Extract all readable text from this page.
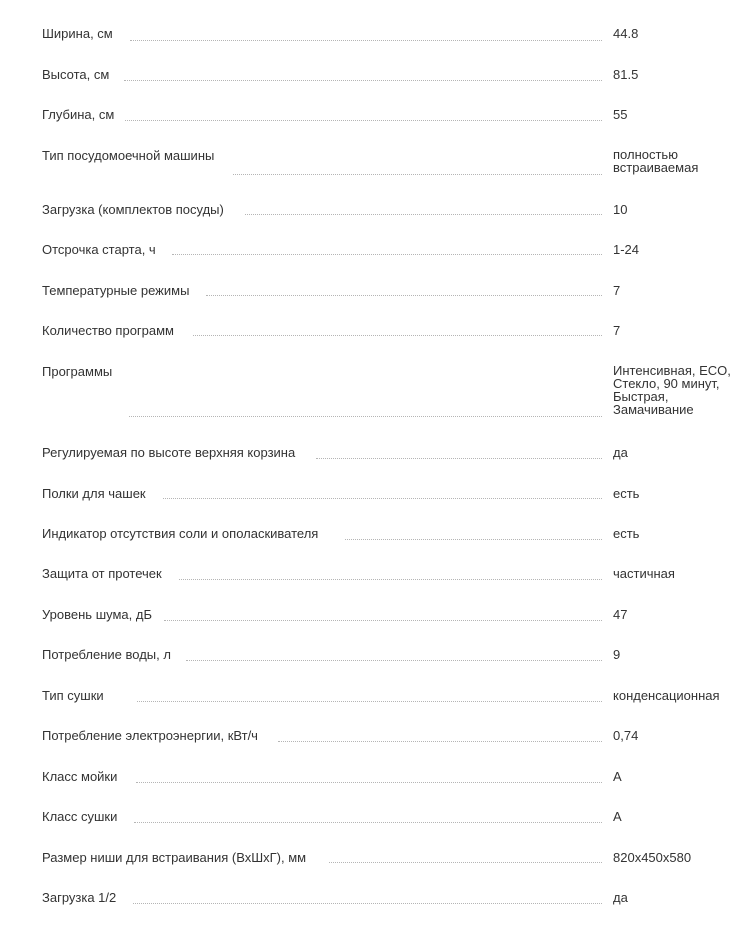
Ширина, см	44.8
Высота, см	81.5
Глубина, см	55
Тип посудомоечной машины	полностью встраиваемая
Загрузка (комплектов посуды)	10
Отсрочка старта, ч	1-24
Температурные режимы	7
Количество программ	7
Программы	Интенсивная, ECO, Стекло, 90 минут, Быстрая, Замачивание
Регулируемая по высоте верхняя корзина	да
Полки для чашек	есть
Индикатор отсутствия соли и ополаскивателя	есть
Защита от протечек	частичная
Уровень шума, дБ	47
Потребление воды, л	9
Тип сушки	конденсационная
Потребление электроэнергии, кВт/ч	0,74
Класс мойки	A
Класс сушки	A
Размер ниши для встраивания (ВхШхГ), мм	820x450x580
Загрузка 1/2	да
